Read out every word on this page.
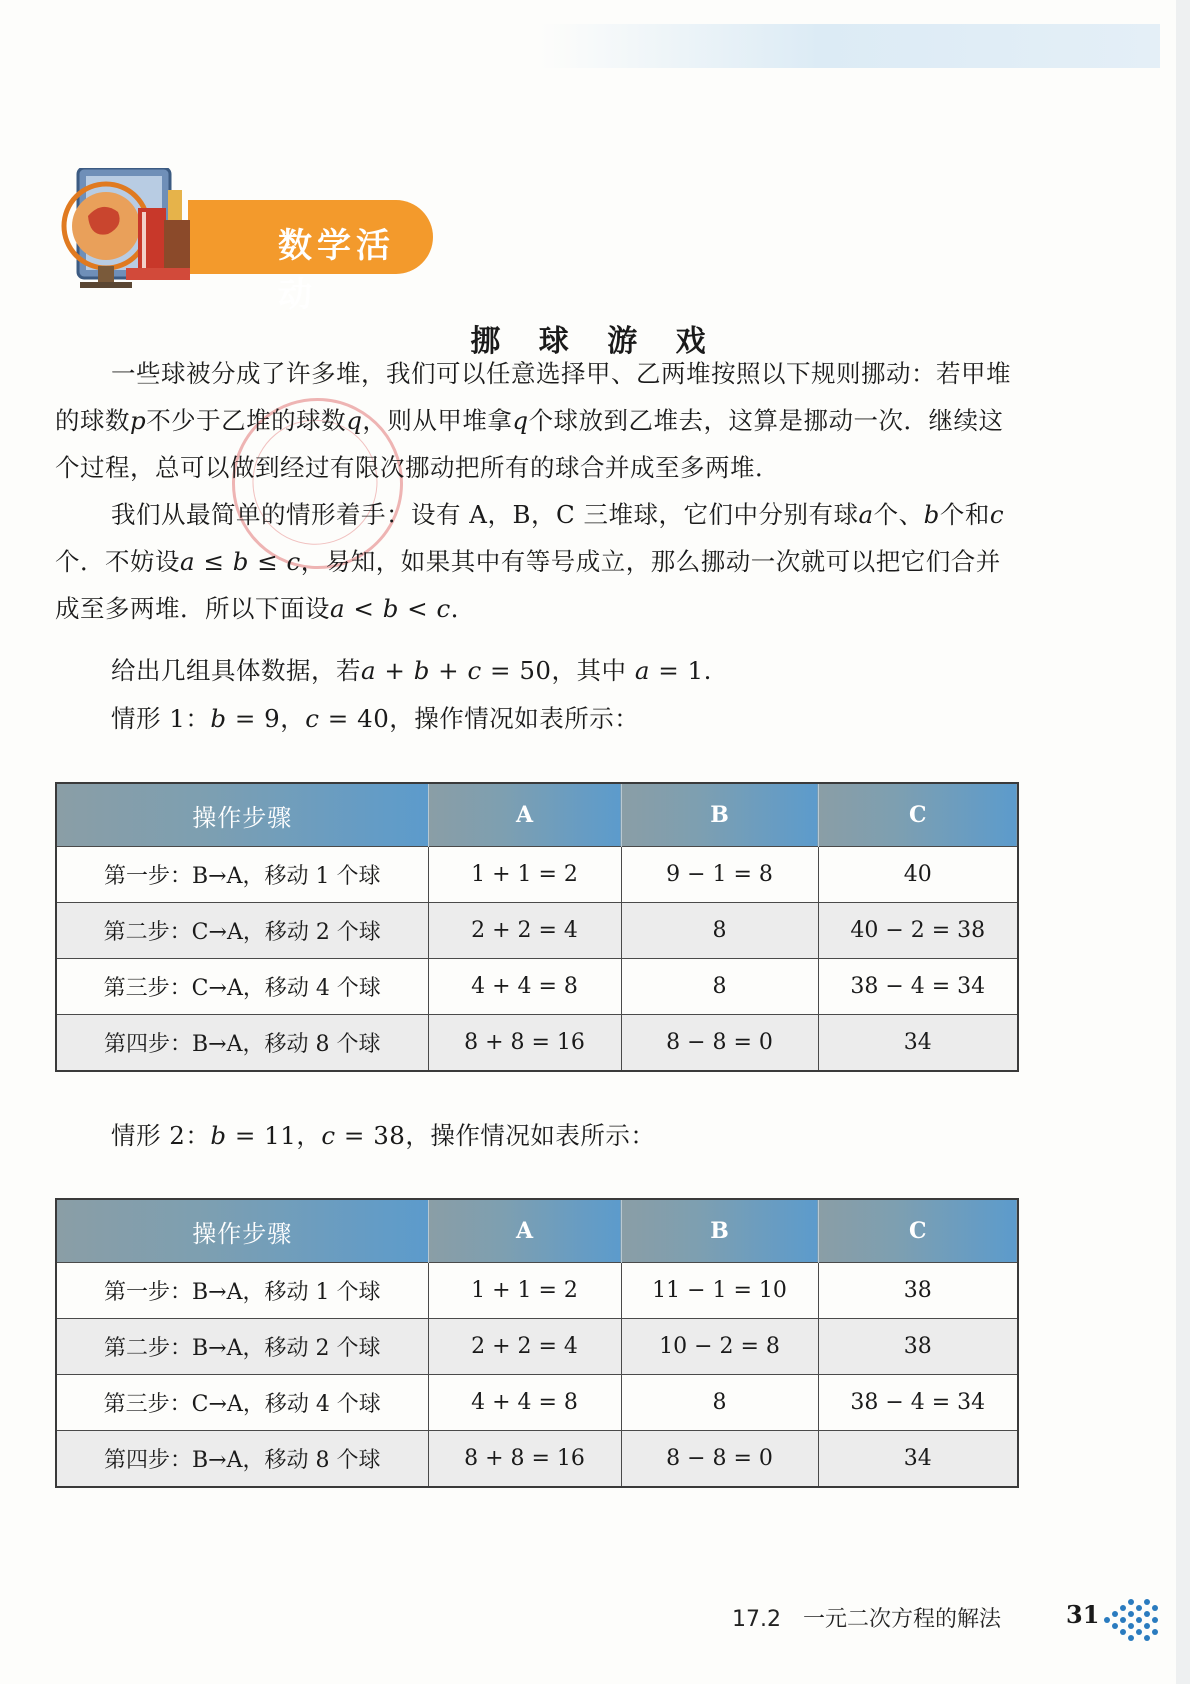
数学活动
挪 球 游 戏

一些球被分成了许多堆，我们可以任意选择甲、乙两堆按照以下规则挪动：若甲堆的球数p不少于乙堆的球数q，则从甲堆拿q个球放到乙堆去，这算是挪动一次．继续这个过程，总可以做到经过有限次挪动把所有的球合并成至多两堆．

我们从最简单的情形着手：设有 A，B，C 三堆球，它们中分别有球a个、b个和c个．不妨设a ≤ b ≤ c，易知，如果其中有等号成立，那么挪动一次就可以把它们合并成至多两堆．所以下面设a < b < c．

给出几组具体数据，若a + b + c = 50，其中 a = 1.

情形 1：b = 9，c = 40，操作情况如表所示：

操作步骤	A	B	C
第一步：B→A，移动 1 个球	1 + 1 = 2	9 − 1 = 8	40
第二步：C→A，移动 2 个球	2 + 2 = 4	8	40 − 2 = 38
第三步：C→A，移动 4 个球	4 + 4 = 8	8	38 − 4 = 34
第四步：B→A，移动 8 个球	8 + 8 = 16	8 − 8 = 0	34

情形 2：b = 11，c = 38，操作情况如表所示：

操作步骤	A	B	C
第一步：B→A，移动 1 个球	1 + 1 = 2	11 − 1 = 10	38
第二步：B→A，移动 2 个球	2 + 2 = 4	10 − 2 = 8	38
第三步：C→A，移动 4 个球	4 + 4 = 8	8	38 − 4 = 34
第四步：B→A，移动 8 个球	8 + 8 = 16	8 − 8 = 0	34
17.2　一元二次方程的解法	31
